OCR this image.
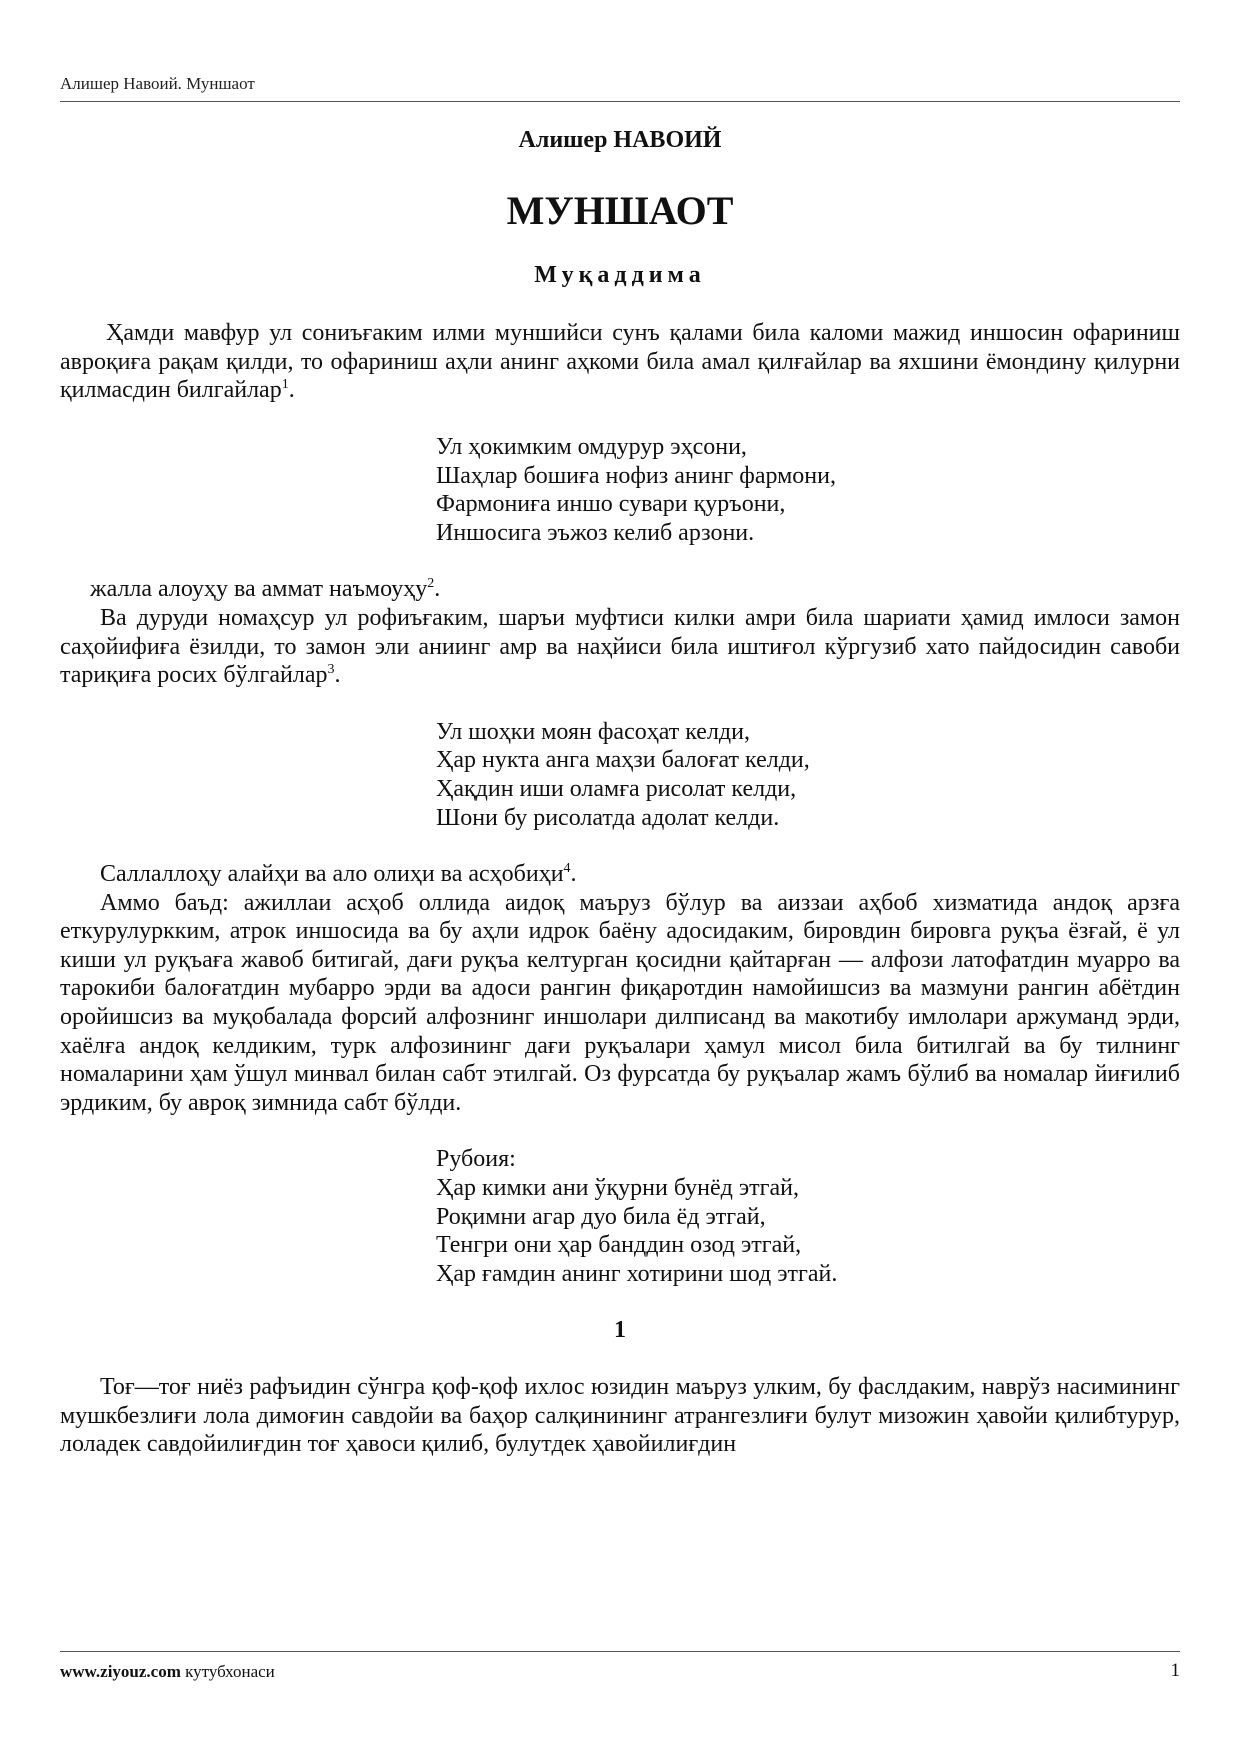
Алишер Навоий. Муншаот
Алишер НАВОИЙ
МУНШАОТ
Муқаддима

Ҳамди мавфур ул сониъғаким илми муншийси сунъ қалами била каломи мажид иншосин офариниш авроқиға рақам қилди, то офариниш аҳли анинг аҳкоми била амал қилғайлар ва яхшини ёмондину қилурни қилмасдин билгайлар$^1$.

Ул ҳокимким омдурур эҳсони,
Шаҳлар бошиға нофиз анинг фармони,
Фармониға иншо сувари қуръони,
Иншосига эъжоз келиб арзони.

жалла алоуҳу ва аммат наъмоуҳу$^2$.

Ва дуруди номаҳсур ул рофиъғаким, шаръи муфтиси килки амри била шариати ҳамид имлоси замон саҳойифиға ёзилди, то замон эли аниинг амр ва наҳйиси била иштиғол кўргузиб хато пайдосидин савоби тариқиға росих бўлгайлар$^3$.

Ул шоҳки моян фасоҳат келди,
Ҳар нукта анга маҳзи балоғат келди,
Ҳақдин иши оламға рисолат келди,
Шони бу рисолатда адолат келди.

Саллаллоҳу алайҳи ва ало олиҳи ва асҳобиҳи$^4$.

Аммо баъд: ажиллаи асҳоб оллида аидоқ маъруз бўлур ва аиззаи аҳбоб хизматида андоқ арзға еткурулуркким, атрок иншосида ва бу аҳли идрок баёну адосидаким, бировдин бировга руқъа ёзғай, ё ул киши ул руқъаға жавоб битигай, дағи руқъа келтурган қосидни қайтарған — алфози латофатдин муарро ва тарокиби балоғатдин мубарро эрди ва адоси рангин фиқаротдин намойишсиз ва мазмуни рангин абётдин оройишсиз ва муқобалада форсий алфознинг иншолари дилписанд ва макотибу имлолари аржуманд эрди, хаёлға андоқ келдиким, турк алфозининг дағи руқъалари ҳамул мисол била битилгай ва бу тилнинг номаларини ҳам ўшул минвал билан сабт этилгай. Оз фурсатда бу руқъалар жамъ бўлиб ва номалар йиғилиб эрдиким, бу авроқ зимнида сабт бўлди.

Рубоия:
Ҳар кимки ани ўқурни бунёд этгай,
Роқимни агар дуо била ёд этгай,
Тенгри они ҳар банддин озод этгай,
Ҳар ғамдин анинг хотирини шод этгай.
1

Тоғ—тоғ ниёз рафъидин сўнгра қоф-қоф ихлос юзидин маъруз улким, бу фаслдаким, наврўз насимининг мушкбезлиғи лола димоғин савдойи ва баҳор салқинининг атрангезлиғи булут мизожин ҳавойи қилибтурур, лоладек савдойилиғдин тоғ ҳавоси қилиб, булутдек ҳавойилиғдин

www.ziyouz.com кутубхонаси	1
